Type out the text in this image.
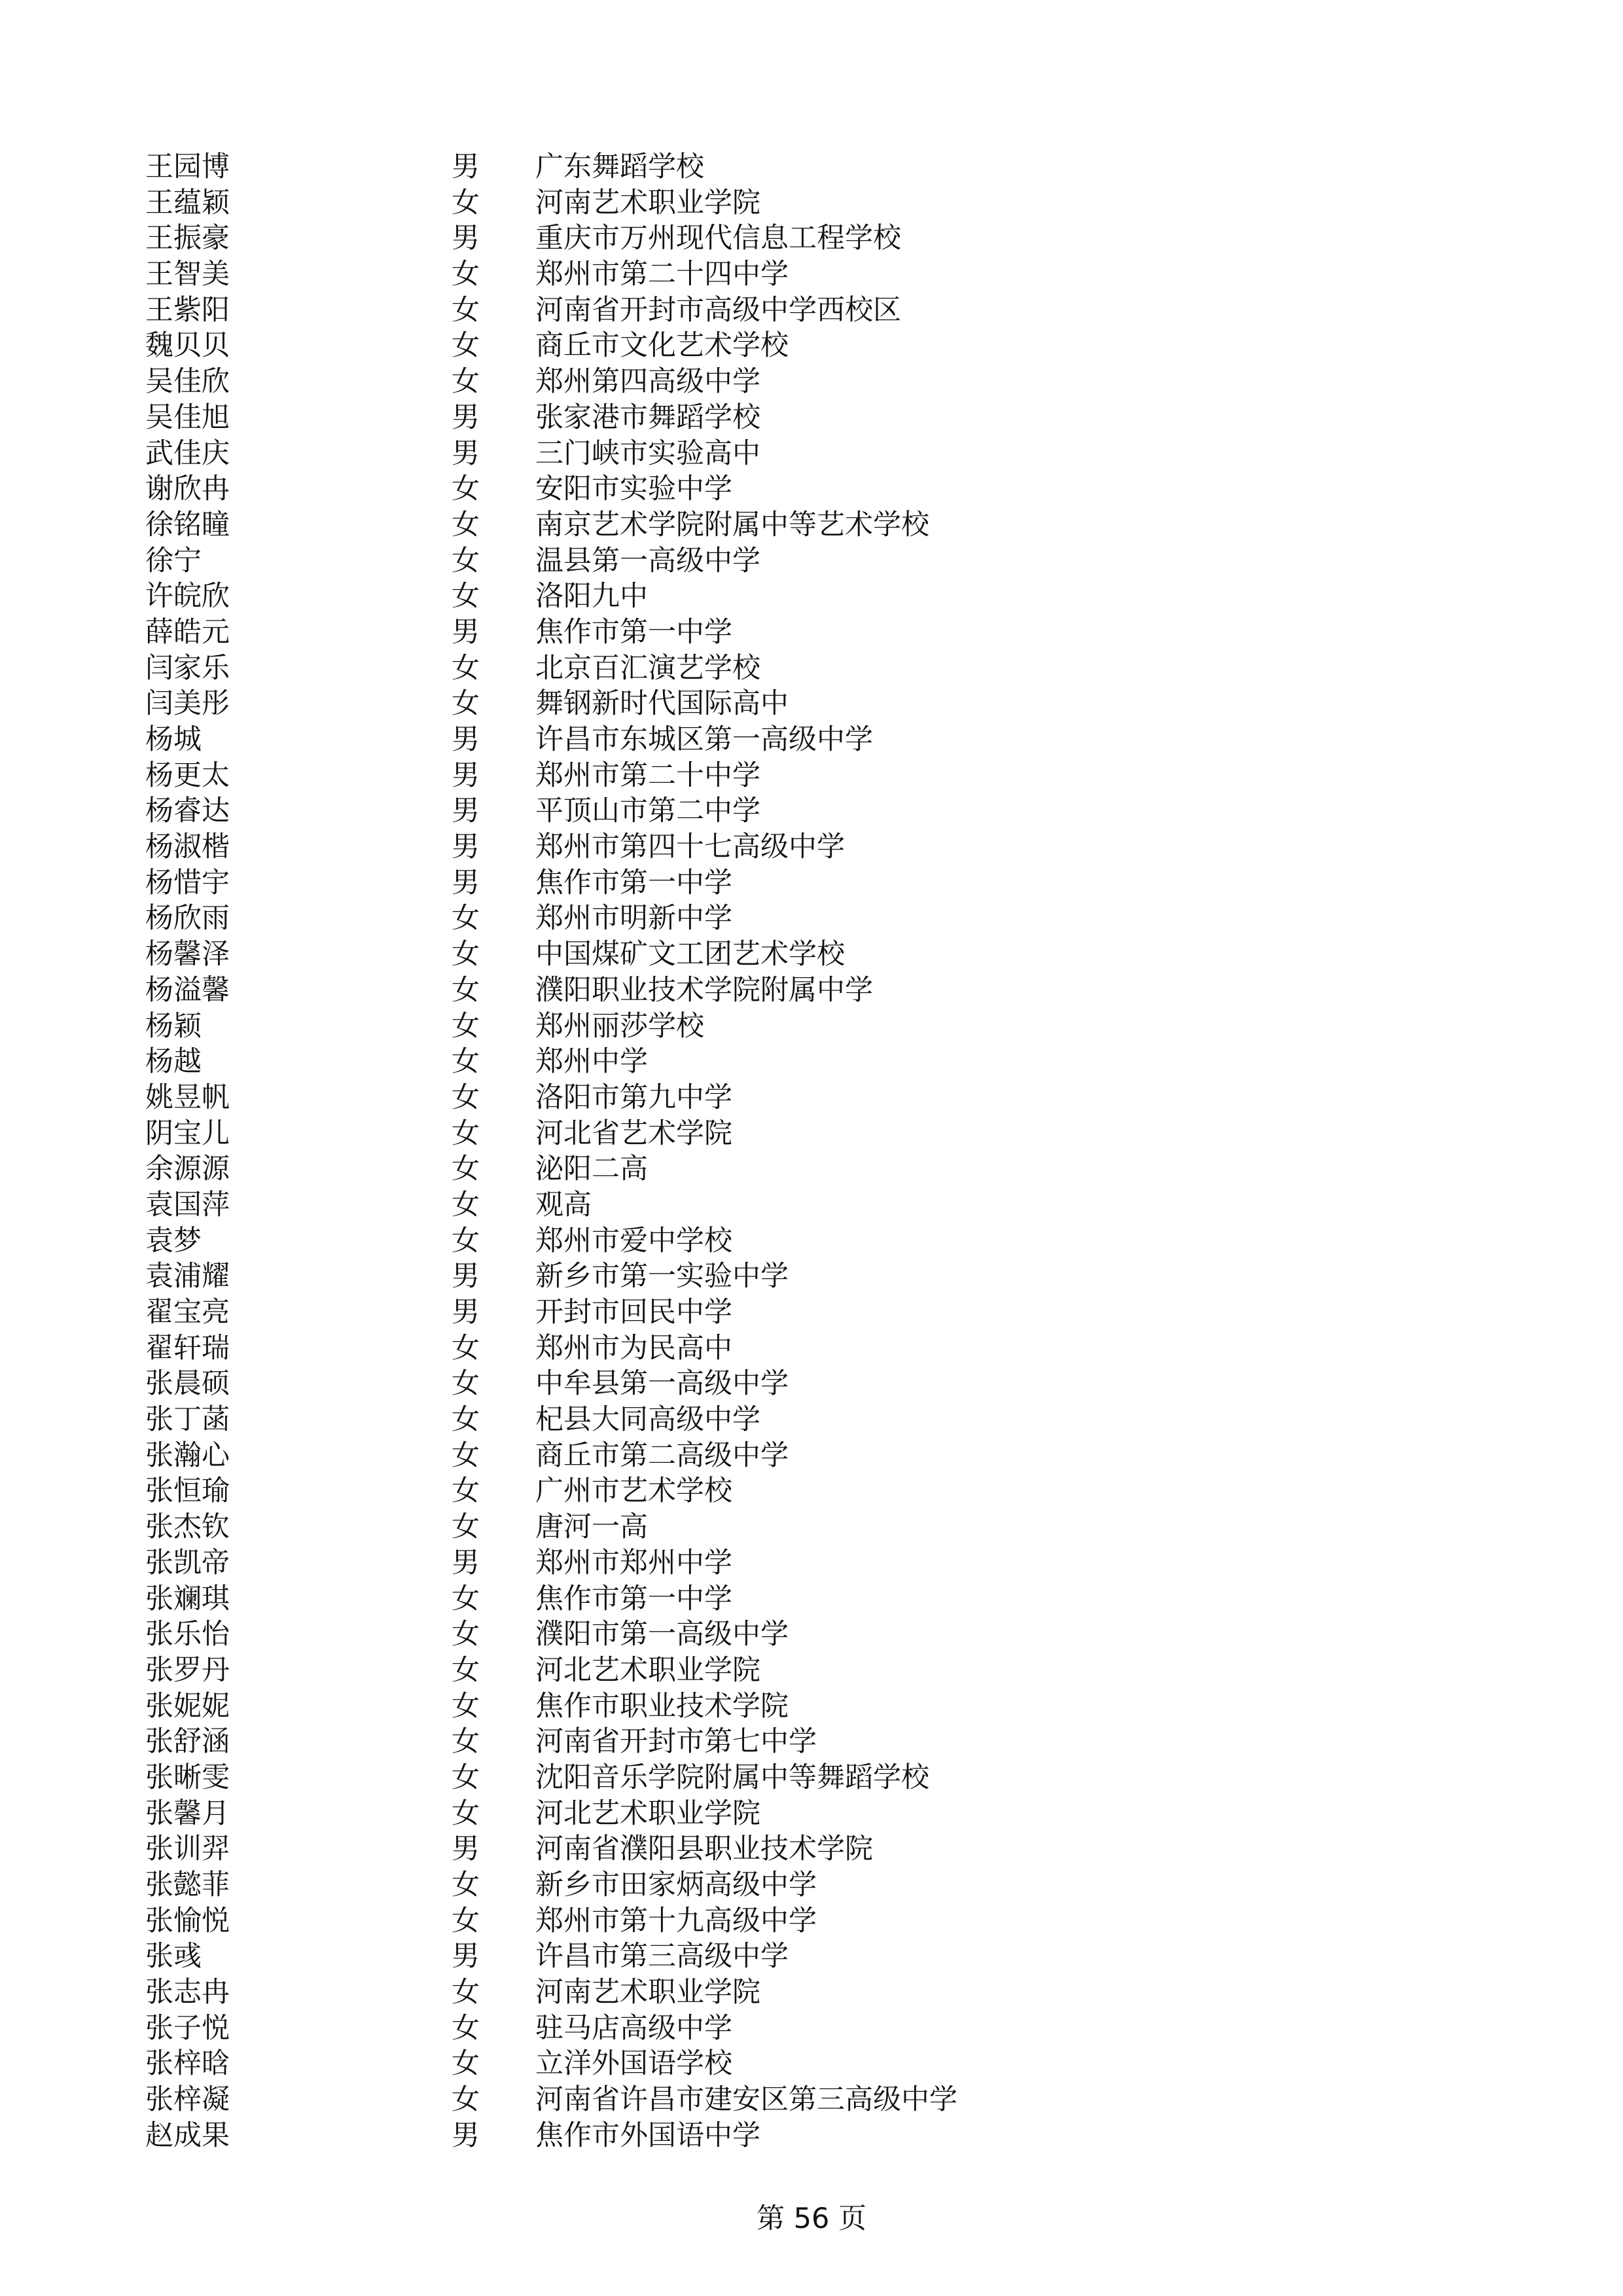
王园博	男 广东舞蹈学校
王蕴颖	女 河南艺术职业学院
王振豪	男 重庆市万州现代信息工程学校
王智美	女 郑州市第二十四中学
王紫阳	女 河南省开封市高级中学西校区
魏贝贝	女 商丘市文化艺术学校
吴佳欣	女 郑州第四高级中学
吴佳旭	男 张家港市舞蹈学校
武佳庆	男 三门峡市实验高中
谢欣冉	女 安阳市实验中学
徐铭瞳	女 南京艺术学院附属中等艺术学校
徐宁	女 温县第一高级中学
许皖欣	女 洛阳九中
薛皓元	男 焦作市第一中学
闫家乐	女 北京百汇演艺学校
闫美彤	女 舞钢新时代国际高中
杨城	男 许昌市东城区第一高级中学
杨更太	男 郑州市第二十中学
杨睿达	男 平顶山市第二中学
杨淑楷	男 郑州市第四十七高级中学
杨惜宇	男 焦作市第一中学
杨欣雨	女 郑州市明新中学
杨馨泽	女 中国煤矿文工团艺术学校
杨溢馨	女 濮阳职业技术学院附属中学
杨颖	女 郑州丽莎学校
杨越	女 郑州中学
姚昱帆	女 洛阳市第九中学
阴宝儿	女 河北省艺术学院
余源源	女 泌阳二高
袁国萍	女 观高
袁梦	女 郑州市爱中学校
袁浦耀	男 新乡市第一实验中学
翟宝亮	男 开封市回民中学
翟轩瑞	女 郑州市为民高中
张晨硕	女 中牟县第一高级中学
张丁菡	女 杞县大同高级中学
张瀚心	女 商丘市第二高级中学
张恒瑜	女 广州市艺术学校
张杰钦	女 唐河一高
张凯帝	男 郑州市郑州中学
张斓琪	女 焦作市第一中学
张乐怡	女 濮阳市第一高级中学
张罗丹	女 河北艺术职业学院
张妮妮	女 焦作市职业技术学院
张舒涵	女 河南省开封市第七中学
张晰雯	女 沈阳音乐学院附属中等舞蹈学校
张馨月	女 河北艺术职业学院
张训羿	男 河南省濮阳县职业技术学院
张懿菲	女 新乡市田家炳高级中学
张愉悦	女 郑州市第十九高级中学
张彧	男 许昌市第三高级中学
张志冉	女 河南艺术职业学院
张子悦	女 驻马店高级中学
张梓晗	女 立洋外国语学校
张梓凝	女 河南省许昌市建安区第三高级中学
赵成果	男 焦作市外国语中学
第 56 页
